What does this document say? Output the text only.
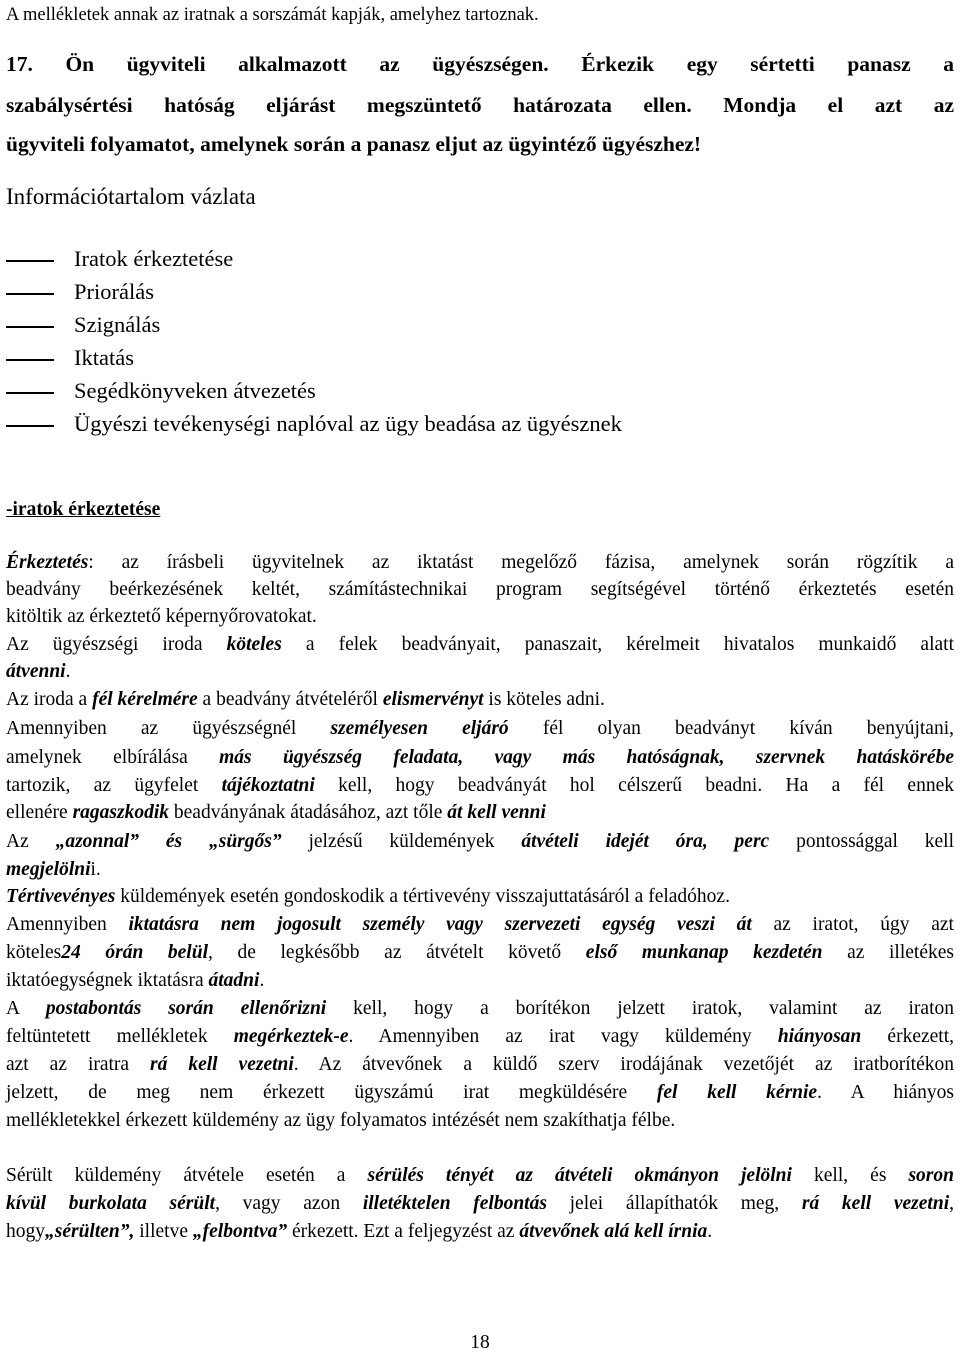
A mellékletek annak az iratnak a sorszámát kapják, amelyhez tartoznak.
17. Ön ügyviteli alkalmazott az ügyészségen. Érkezik egy sértetti panasz a
szabálysértési hatóság eljárást megszüntető határozata ellen. Mondja el azt az
ügyviteli folyamatot, amelynek során a panasz eljut az ügyintéző ügyészhez!
Információtartalom vázlata
Iratok érkeztetése
Priorálás
Szignálás
Iktatás
Segédkönyveken átvezetés
Ügyészi tevékenységi naplóval az ügy beadása az ügyésznek
-iratok érkeztetése
Érkeztetés: az írásbeli ügyvitelnek az iktatást megelőző fázisa, amelynek során rögzítik a
beadvány beérkezésének keltét, számítástechnikai program segítségével történő érkeztetés esetén
kitöltik az érkeztető képernyőrovatokat.
Az ügyészségi iroda köteles a felek beadványait, panaszait, kérelmeit hivatalos munkaidő alatt
átvenni.
Az iroda a fél kérelmére a beadvány átvételéről elismervényt is köteles adni.
Amennyiben az ügyészségnél személyesen eljáró fél olyan beadványt kíván benyújtani,
amelynek elbírálása más ügyészség feladata, vagy más hatóságnak, szervnek hatáskörébe
tartozik, az ügyfelet tájékoztatni kell, hogy beadványát hol célszerű beadni. Ha a fél ennek
ellenére ragaszkodik beadványának átadásához, azt tőle át kell venni
Az „azonnal” és „sürgős” jelzésű küldemények átvételi idejét óra, perc pontossággal kell
megjelölnii.
Tértivevényes küldemények esetén gondoskodik a tértivevény visszajuttatásáról a feladóhoz.
Amennyiben iktatásra nem jogosult személy vagy szervezeti egység veszi át az iratot, úgy azt
köteles24 órán belül, de legkésőbb az átvételt követő első munkanap kezdetén az illetékes
iktatóegységnek iktatásra átadni.
A postabontás során ellenőrizni kell, hogy a borítékon jelzett iratok, valamint az iraton
feltüntetett mellékletek megérkeztek-e. Amennyiben az irat vagy küldemény hiányosan érkezett,
azt az iratra rá kell vezetni. Az átvevőnek a küldő szerv irodájának vezetőjét az iratborítékon
jelzett, de meg nem érkezett ügyszámú irat megküldésére fel kell kérnie. A hiányos
mellékletekkel érkezett küldemény az ügy folyamatos intézését nem szakíthatja félbe.
Sérült küldemény átvétele esetén a sérülés tényét az átvételi okmányon jelölni kell, és soron
kívül burkolata sérült, vagy azon illetéktelen felbontás jelei állapíthatók meg, rá kell vezetni,
hogy„sérülten”, illetve „felbontva” érkezett. Ezt a feljegyzést az átvevőnek alá kell írnia.
18
